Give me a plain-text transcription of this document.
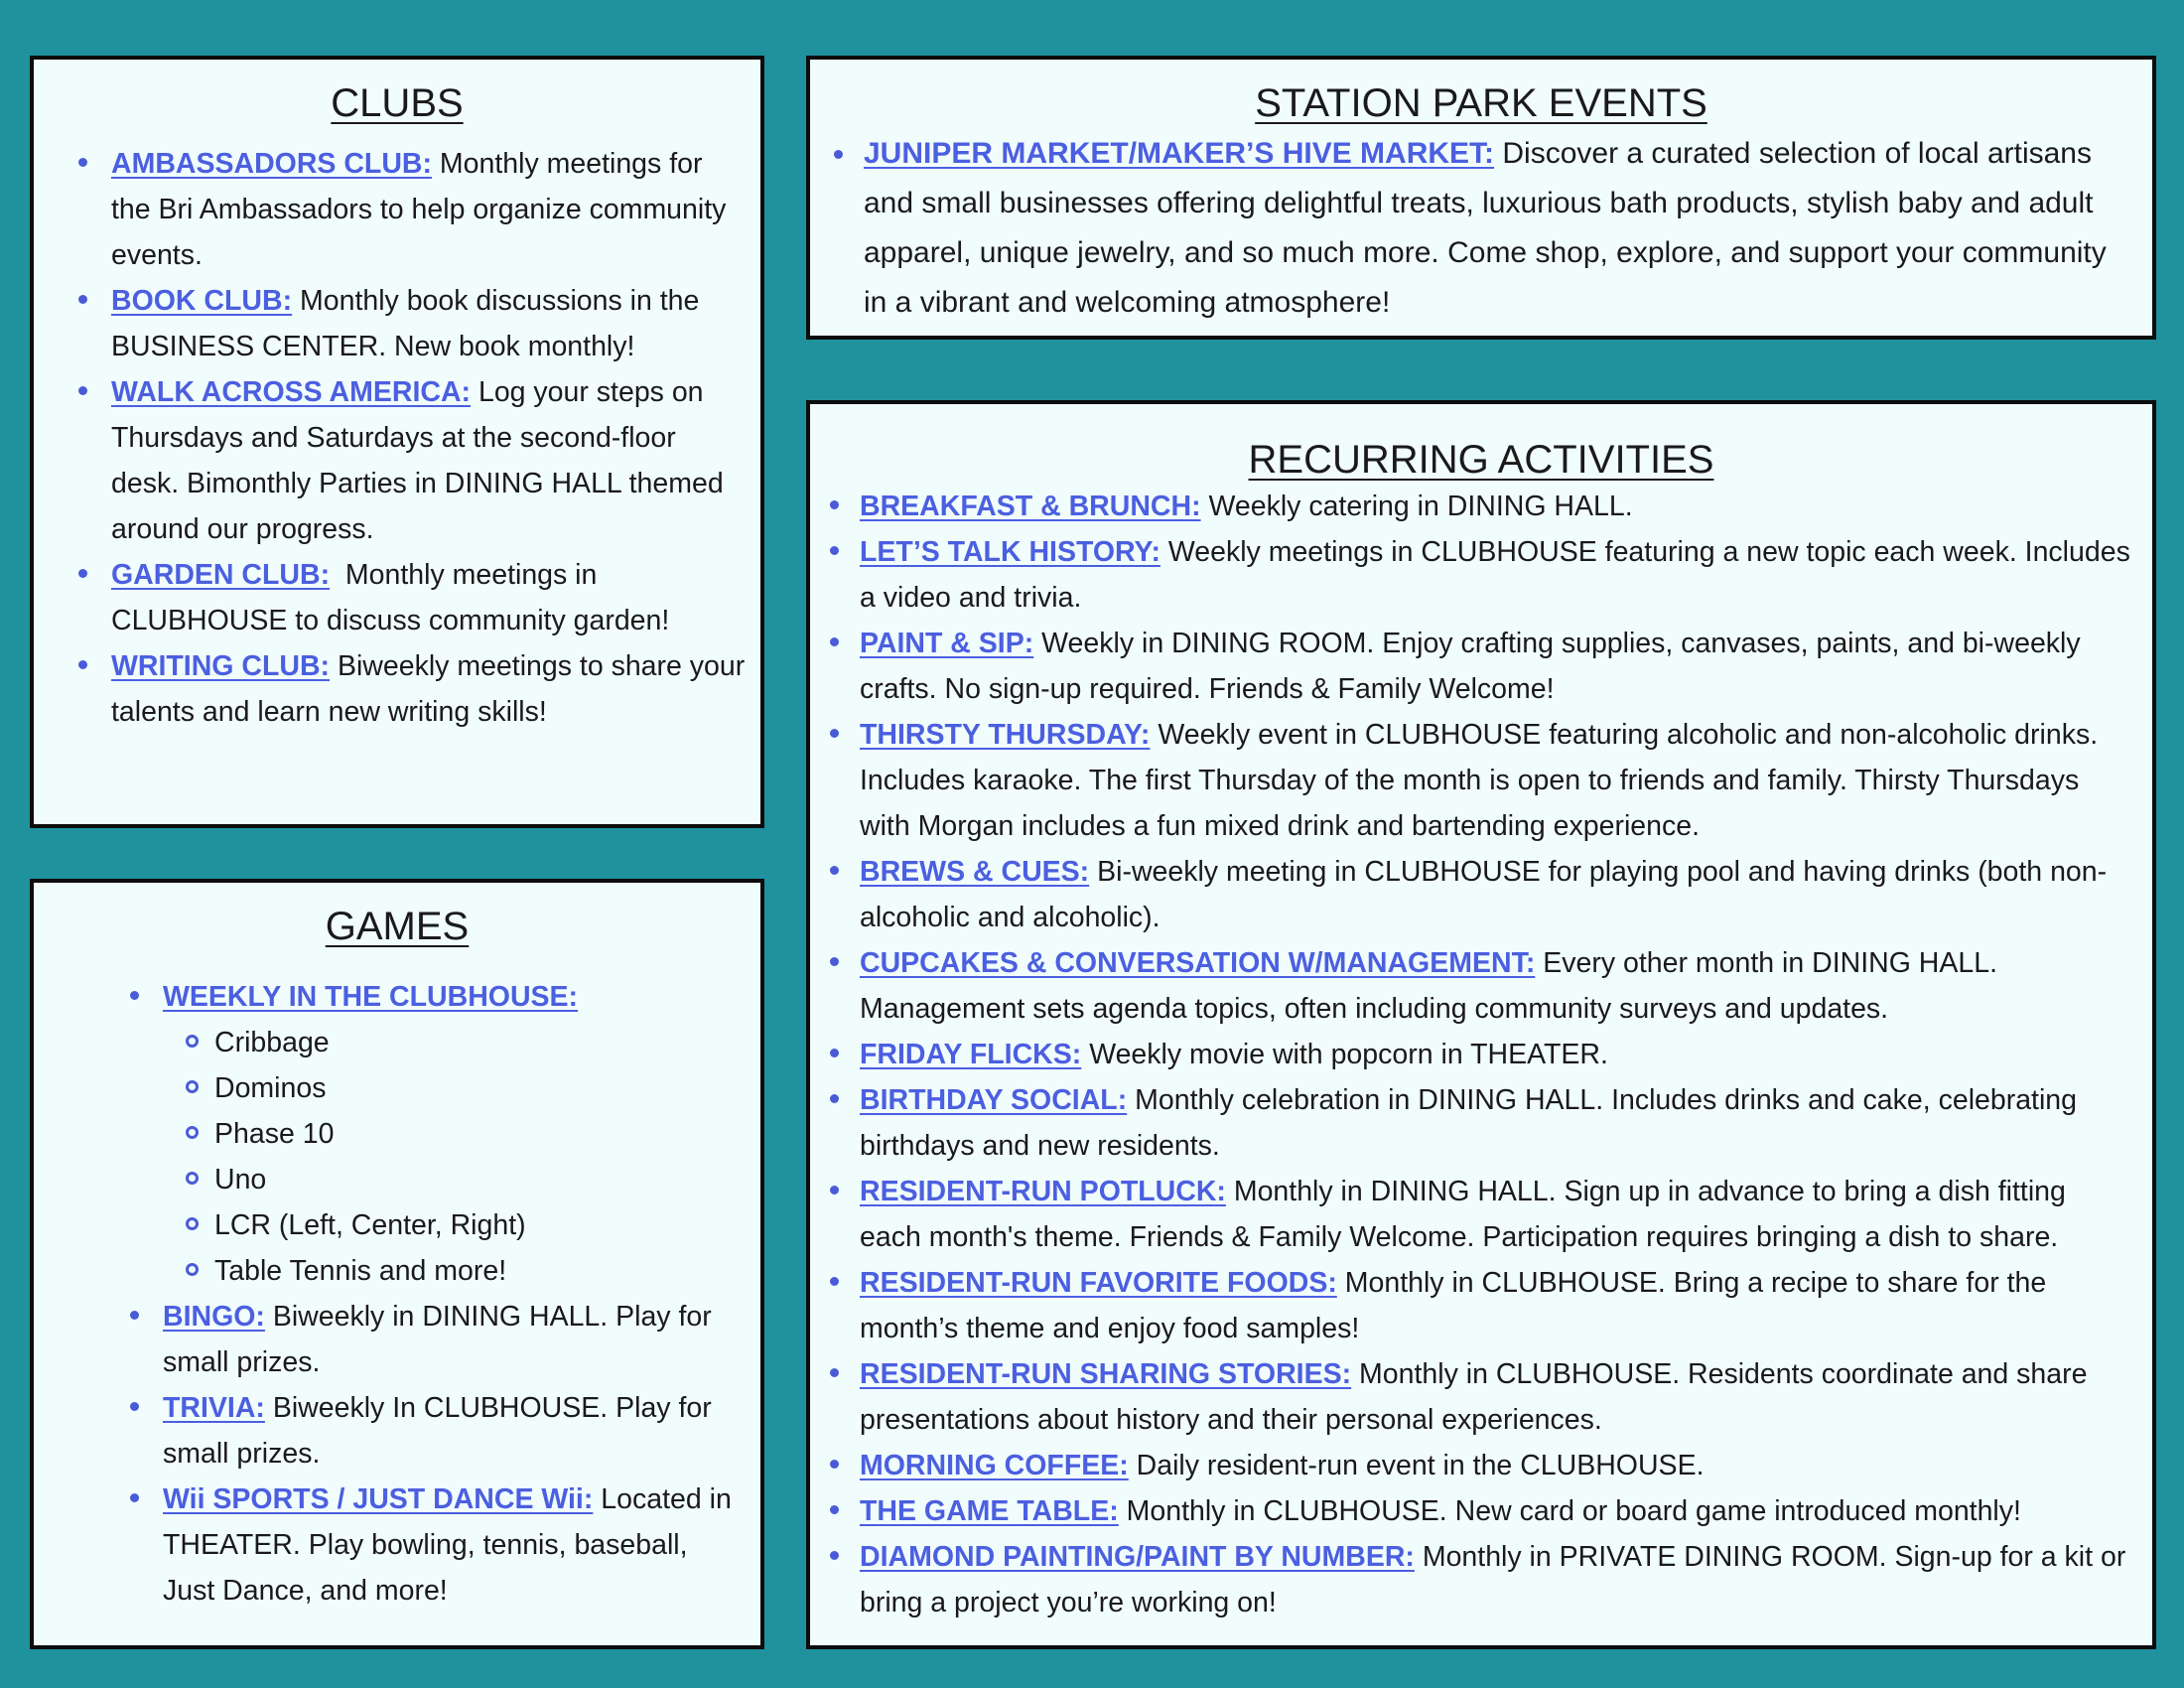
CLUBS
AMBASSADORS CLUB: Monthly meetings for the Bri Ambassadors to help organize community events.
BOOK CLUB: Monthly book discussions in the BUSINESS CENTER. New book monthly!
WALK ACROSS AMERICA: Log your steps on Thursdays and Saturdays at the second-floor desk. Bimonthly Parties in DINING HALL themed around our progress.
GARDEN CLUB:  Monthly meetings in CLUBHOUSE to discuss community garden!
WRITING CLUB: Biweekly meetings to share your talents and learn new writing skills!
GAMES
WEEKLY IN THE CLUBHOUSE:
Cribbage
Dominos
Phase 10
Uno
LCR (Left, Center, Right)
Table Tennis and more!
BINGO: Biweekly in DINING HALL. Play for small prizes.
TRIVIA: Biweekly In CLUBHOUSE. Play for small prizes.
Wii SPORTS / JUST DANCE Wii: Located in THEATER. Play bowling, tennis, baseball, Just Dance, and more!
STATION PARK EVENTS
JUNIPER MARKET/MAKER’S HIVE MARKET: Discover a curated selection of local artisans and small businesses offering delightful treats, luxurious bath products, stylish baby and adult apparel, unique jewelry, and so much more. Come shop, explore, and support your community in a vibrant and welcoming atmosphere!
RECURRING ACTIVITIES
BREAKFAST & BRUNCH: Weekly catering in DINING HALL.
LET’S TALK HISTORY: Weekly meetings in CLUBHOUSE featuring a new topic each week. Includes a video and trivia.
PAINT & SIP: Weekly in DINING ROOM. Enjoy crafting supplies, canvases, paints, and bi-weekly crafts. No sign-up required. Friends & Family Welcome!
THIRSTY THURSDAY: Weekly event in CLUBHOUSE featuring alcoholic and non-alcoholic drinks. Includes karaoke. The first Thursday of the month is open to friends and family. Thirsty Thursdays with Morgan includes a fun mixed drink and bartending experience.
BREWS & CUES: Bi-weekly meeting in CLUBHOUSE for playing pool and having drinks (both non-alcoholic and alcoholic).
CUPCAKES & CONVERSATION W/MANAGEMENT: Every other month in DINING HALL. Management sets agenda topics, often including community surveys and updates.
FRIDAY FLICKS: Weekly movie with popcorn in THEATER.
BIRTHDAY SOCIAL: Monthly celebration in DINING HALL. Includes drinks and cake, celebrating birthdays and new residents.
RESIDENT-RUN POTLUCK: Monthly in DINING HALL. Sign up in advance to bring a dish fitting each month's theme. Friends & Family Welcome. Participation requires bringing a dish to share.
RESIDENT-RUN FAVORITE FOODS: Monthly in CLUBHOUSE. Bring a recipe to share for the month’s theme and enjoy food samples!
RESIDENT-RUN SHARING STORIES: Monthly in CLUBHOUSE. Residents coordinate and share presentations about history and their personal experiences.
MORNING COFFEE: Daily resident-run event in the CLUBHOUSE.
THE GAME TABLE: Monthly in CLUBHOUSE. New card or board game introduced monthly!
DIAMOND PAINTING/PAINT BY NUMBER: Monthly in PRIVATE DINING ROOM. Sign-up for a kit or bring a project you’re working on!
